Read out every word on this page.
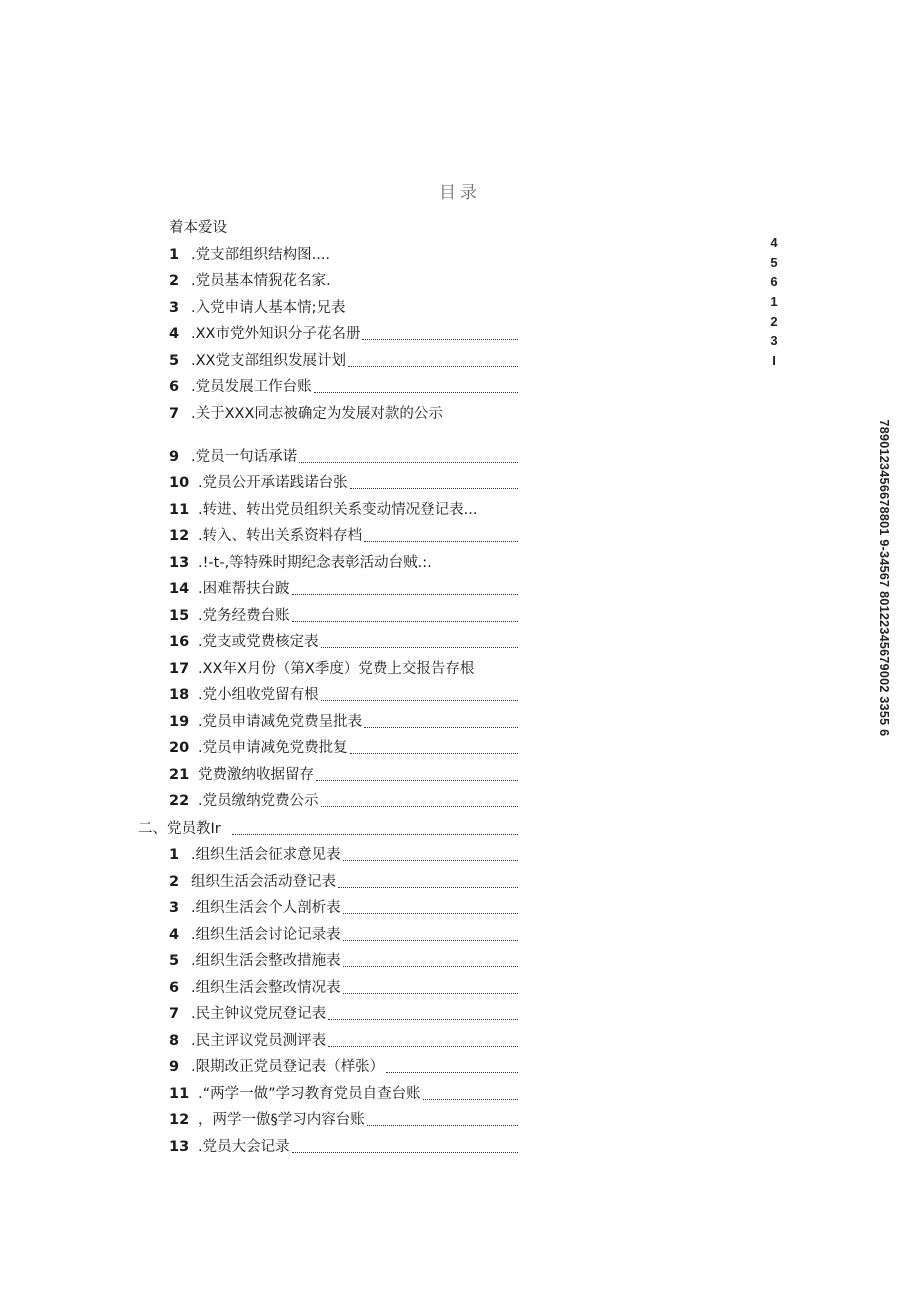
目录
着本爱设
1 .党支部组织结构图....
2 .党员基本情猊花名家.
3 .入党申请人基本情;兄表
4 .XX市党外知识分子花名册
5 .XX党支部组织发展计划
6 .党员发展工作台账
7 .关于XXX同志被确定为发展对款的公示
9 .党员一句话承诺
10 .党员公开承诺践诺台张
11 .转进、转出党员组织关系变动情况登记表...
12 .转入、转出关系资料存档
13 .!-t-,等特殊时期纪念表彰活动台贼.:.
14 .困难帮扶台跛
15 .党务经费台账
16 .党支或党费核定表
17 .XX年X月份（第X季度）党费上交报告存根
18 .党小组收党留有根
19 .党员申请减免党费呈批表
20 .党员申请减免党费批复
21 党费激纳收据留存
22 .党员缴纳党费公示
二、党员教Ir
1 .组织生活会征求意见表
2 组织生活会活动登记表
3 .组织生活会个人剖析表
4 .组织生活会讨论记录表
5 .组织生活会整改措施表
6 .组织生活会整改情况表
7 .民主钟议党尻登记表
8 .民主评议党员测评表
9 .限期改正党员登记表（样张）
11 .“两学一做”学习教育党员自查台账
12 ，两学一傲§学习内容台账
13 .党员大会记录
4
5
6
1
2
3
I
7890123456678801 9-34567 80122345679002 3355 6
